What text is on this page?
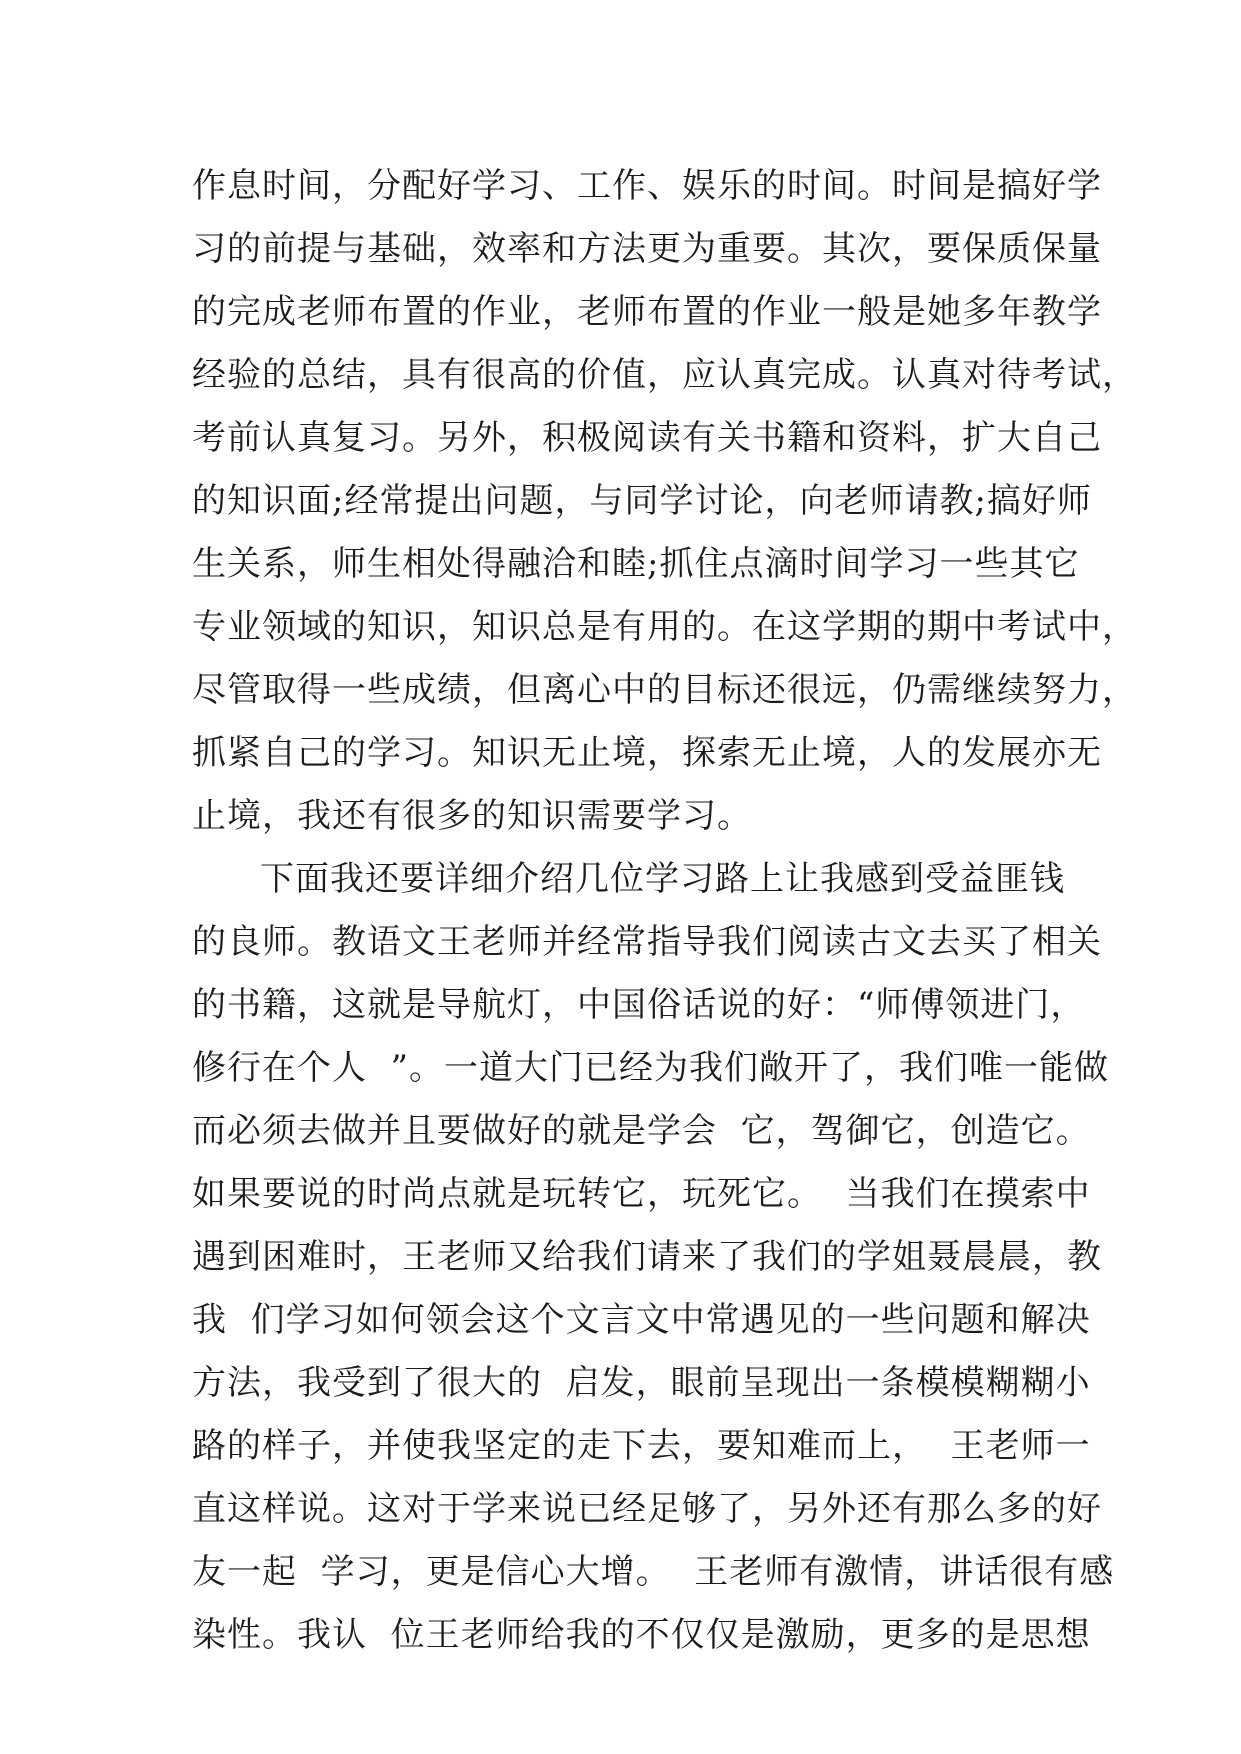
作息时间，分配好学习、工作、娱乐的时间。时间是搞好学
习的前提与基础，效率和方法更为重要。其次，要保质保量
的完成老师布置的作业，老师布置的作业一般是她多年教学
经验的总结，具有很高的价值，应认真完成。认真对待考试，
考前认真复习。另外，积极阅读有关书籍和资料，扩大自己
的知识面;经常提出问题，与同学讨论，向老师请教;搞好师
生关系，师生相处得融洽和睦;抓住点滴时间学习一些其它
专业领域的知识，知识总是有用的。在这学期的期中考试中，
尽管取得一些成绩，但离心中的目标还很远，仍需继续努力，
抓紧自己的学习。知识无止境，探索无止境，人的发展亦无
止境，我还有很多的知识需要学习。
下面我还要详细介绍几位学习路上让我感到受益匪钱
的良师。教语文王老师并经常指导我们阅读古文去买了相关
的书籍，这就是导航灯，中国俗话说的好：“师傅领进门，
修行在个人  ”。一道大门已经为我们敞开了，我们唯一能做
而必须去做并且要做好的就是学会  它，驾御它，创造它。
如果要说的时尚点就是玩转它，玩死它。  当我们在摸索中
遇到困难时，王老师又给我们请来了我们的学姐聂晨晨，教
我  们学习如何领会这个文言文中常遇见的一些问题和解决
方法，我受到了很大的  启发，眼前呈现出一条模模糊糊小
路的样子，并使我坚定的走下去，要知难而上，  王老师一
直这样说。这对于学来说已经足够了，另外还有那么多的好
友一起  学习，更是信心大增。  王老师有激情，讲话很有感
染性。我认  位王老师给我的不仅仅是激励，更多的是思想
